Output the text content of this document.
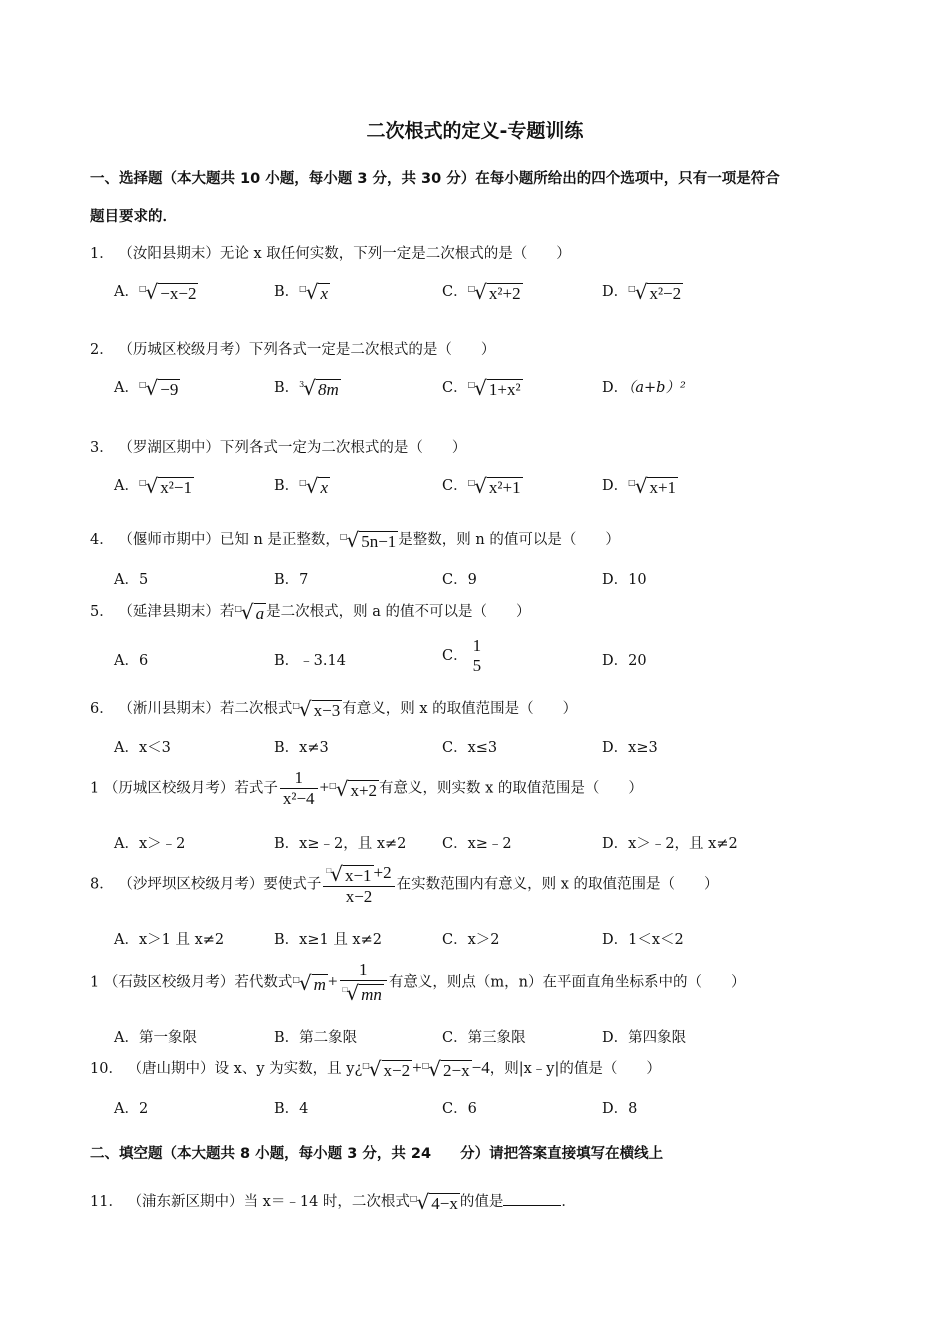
二次根式的定义-专题训练
一、选择题（本大题共 10 小题，每小题 3 分，共 30 分）在每小题所给出的四个选项中，只有一项是符合
题目要求的．
1． （汝阳县期末）无论 x 取任何实数，下列一定是二次根式的是（　　）
A．□√ −x−2	B．□√ x	C．□√ x²+2	D．□√ x²−2
2． （历城区校级月考）下列各式一定是二次根式的是（　　）
A．□√ −9	B．$^3$√ 8m	C．□√ 1+x²	D．（a+b）²
3． （罗湖区期中）下列各式一定为二次根式的是（　　）
A．□√ x²−1	B．□√ x	C．□√ x²+1	D．□√ x+1
4． （偃师市期中）已知 n 是正整数，□√ 5n−1 是整数，则 n 的值可以是（　　）
A．5	B．7	C．9	D．10
5． （延津县期末）若□√ a 是二次根式，则 a 的值不可以是（　　）
A．6	B．﹣3.14	C．
1
5	D．20
6． （淅川县期末）若二次根式□√ x−3 有意义，则 x 的取值范围是（　　）
A．x＜3	B．x≠3	C．x≤3	D．x≥3
1 （历城区校级月考）若式子 $\frac{1}{\text{x²−4}} +^□√$ x+2 有意义，则实数 x 的取值范围是（　　）
A．x＞﹣2	B．x≥﹣2，且 x≠2 C．x≥﹣2	D．x＞﹣2，且 x≠2
8． （沙坪坝区校级月考）要使式子 $\frac{^□√ x-1 +2}{x-2}$ 在实数范围内有意义，则 x 的取值范围是（　　）
A．x＞1 且 x≠2	B．x≥1 且 x≠2	C．x＞2	D．1＜x＜2
1 （石鼓区校级月考）若代数式□√ $m + \frac{1}{^□√ mn}$ 有意义，则点（m，n）在平面直角坐标系中的（　　）
A．第一象限	B．第二象限	C．第三象限	D．第四象限
10． （唐山期中）设 x、y 为实数，且 y¿□√ x−2 +□√ 2−x −4，则|x﹣y|的值是（　　）
A．2	B．4	C．6	D．8
二、填空题（本大题共 8 小题，每小题 3 分，共 24　　分）请把答案直接填写在横线上
11． （浦东新区期中）当 x＝﹣14 时，二次根式□√ 4−x 的值是	．
